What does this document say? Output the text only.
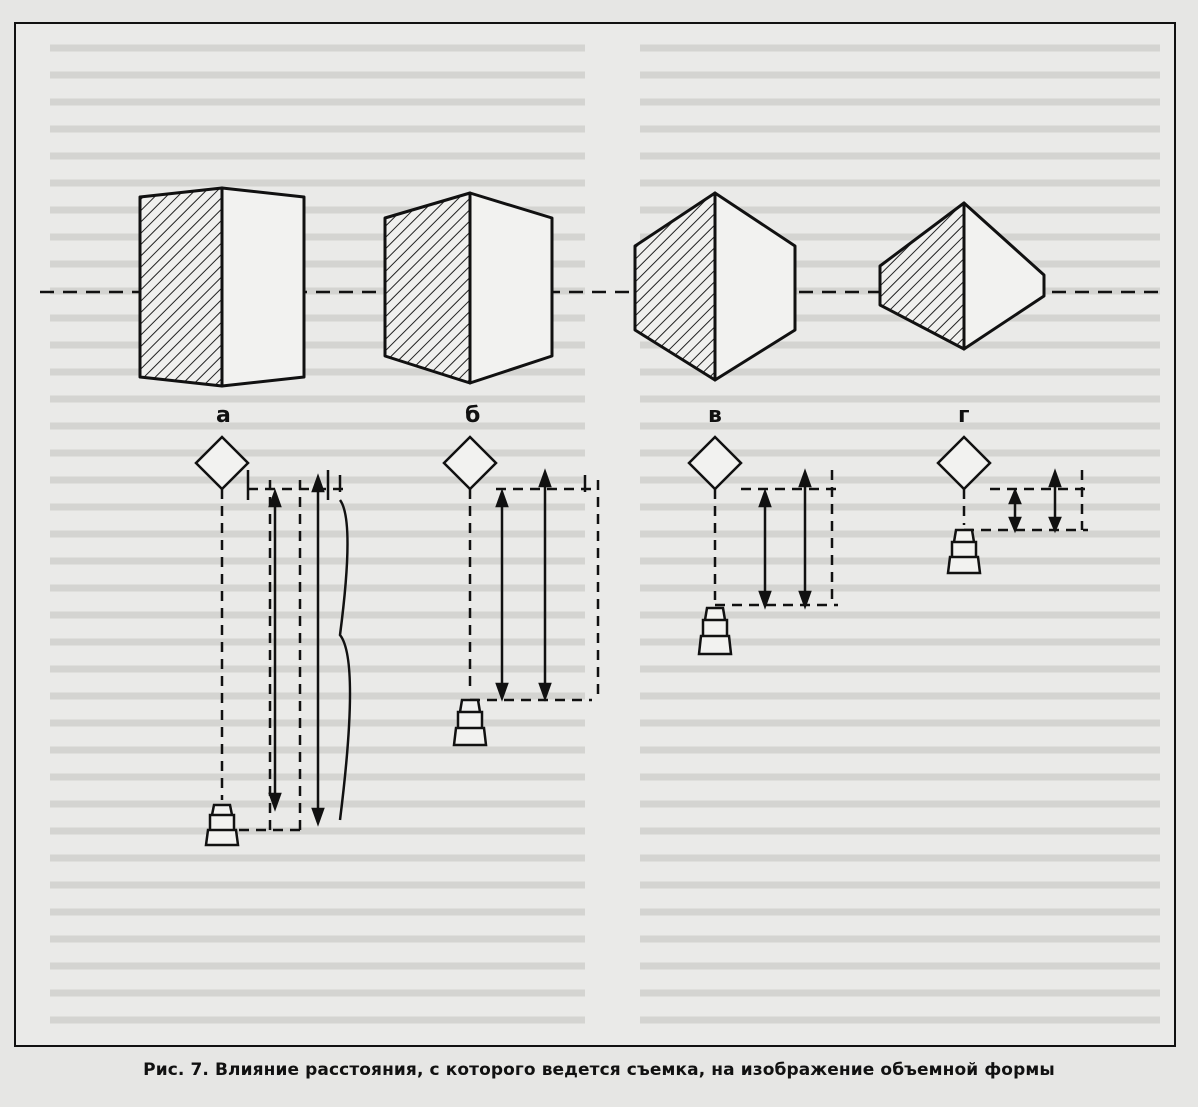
а	б	в	г
Рис. 7. Влияние расстояния, с которого ведется съемка, на изображение объемной формы
